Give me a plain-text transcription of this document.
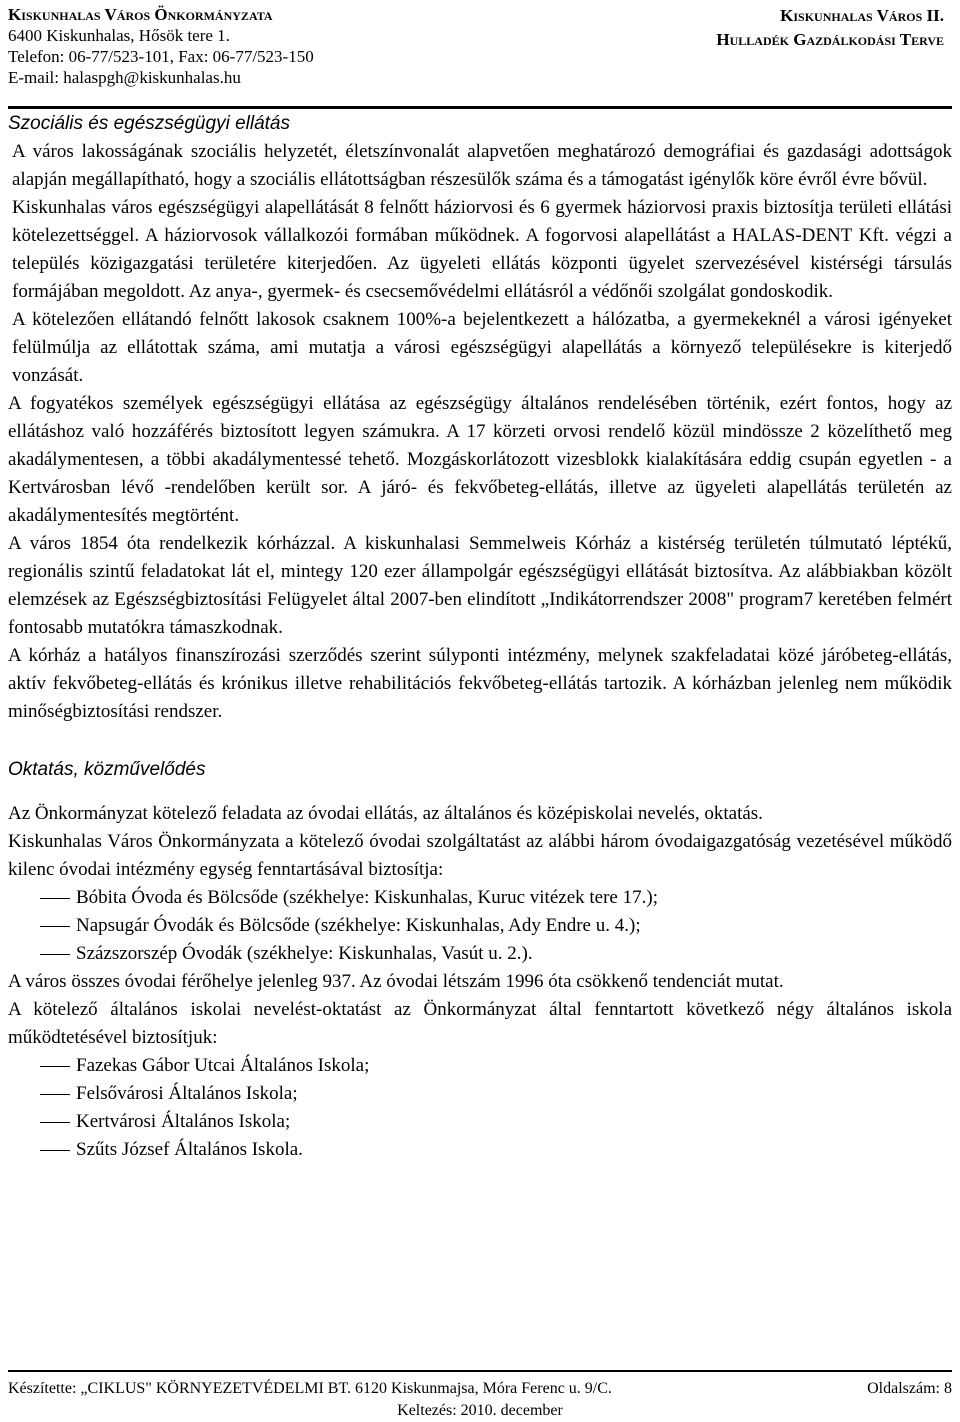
Kiskunhalas Város Önkormányzata
6400 Kiskunhalas, Hősök tere 1.
Telefon: 06-77/523-101, Fax: 06-77/523-150
E-mail: halaspgh@kiskunhalas.hu
Kiskunhalas Város II.
Hulladék Gazdálkodási Terve
Szociális és egészségügyi ellátás

A város lakosságának szociális helyzetét, életszínvonalát alapvetően meghatározó demográfiai és gazdasági adottságok alapján megállapítható, hogy a szociális ellátottságban részesülők száma és a támogatást igénylők köre évről évre bővül.

Kiskunhalas város egészségügyi alapellátását 8 felnőtt háziorvosi és 6 gyermek háziorvosi praxis biztosítja területi ellátási kötelezettséggel. A háziorvosok vállalkozói formában működnek. A fogorvosi alapellátást a HALAS-DENT Kft. végzi a település közigazgatási területére kiterjedően. Az ügyeleti ellátás központi ügyelet szervezésével kistérségi társulás formájában megoldott. Az anya-, gyermek- és csecsemővédelmi ellátásról a védőnői szolgálat gondoskodik.

A kötelezően ellátandó felnőtt lakosok csaknem 100%-a bejelentkezett a hálózatba, a gyermekeknél a városi igényeket felülmúlja az ellátottak száma, ami mutatja a városi egészségügyi alapellátás a környező településekre is kiterjedő vonzását.

A fogyatékos személyek egészségügyi ellátása az egészségügy általános rendelésében történik, ezért fontos, hogy az ellátáshoz való hozzáférés biztosított legyen számukra. A 17 körzeti orvosi rendelő közül mindössze 2 közelíthető meg akadálymentesen, a többi akadálymentessé tehető. Mozgáskorlátozott vizesblokk kialakítására eddig csupán egyetlen - a Kertvárosban lévő -rendelőben került sor. A járó- és fekvőbeteg-ellátás, illetve az ügyeleti alapellátás területén az akadálymentesítés megtörtént.

A város 1854 óta rendelkezik kórházzal. A kiskunhalasi Semmelweis Kórház a kistérség területén túlmutató léptékű, regionális szintű feladatokat lát el, mintegy 120 ezer állampolgár egészségügyi ellátását biztosítva. Az alábbiakban közölt elemzések az Egészségbiztosítási Felügyelet által 2007-ben elindított „Indikátorrendszer 2008" program7 keretében felmért fontosabb mutatókra támaszkodnak.

A kórház a hatályos finanszírozási szerződés szerint súlyponti intézmény, melynek szakfeladatai közé járóbeteg-ellátás, aktív fekvőbeteg-ellátás és krónikus illetve rehabilitációs fekvőbeteg-ellátás tartozik. A kórházban jelenleg nem működik minőségbiztosítási rendszer.

Oktatás, közművelődés

Az Önkormányzat kötelező feladata az óvodai ellátás, az általános és középiskolai nevelés, oktatás.

Kiskunhalas Város Önkormányzata a kötelező óvodai szolgáltatást az alábbi három óvodaigazgatóság vezetésével működő kilenc óvodai intézmény egység fenntartásával biztosítja:

Bóbita Óvoda és Bölcsőde (székhelye: Kiskunhalas, Kuruc vitézek tere 17.);
Napsugár Óvodák és Bölcsőde (székhelye: Kiskunhalas, Ady Endre u. 4.);
Százszorszép Óvodák (székhelye: Kiskunhalas, Vasút u. 2.).

A város összes óvodai férőhelye jelenleg 937. Az óvodai létszám 1996 óta csökkenő tendenciát mutat.

A kötelező általános iskolai nevelést-oktatást az Önkormányzat által fenntartott következő négy általános iskola működtetésével biztosítjuk:

Fazekas Gábor Utcai Általános Iskola;
Felsővárosi Általános Iskola;
Kertvárosi Általános Iskola;
Szűts József Általános Iskola.
Készítette: „CIKLUS" KÖRNYEZETVÉDELMI BT. 6120 Kiskunmajsa, Móra Ferenc u. 9/C.	Oldalszám: 8
Keltezés: 2010. december
